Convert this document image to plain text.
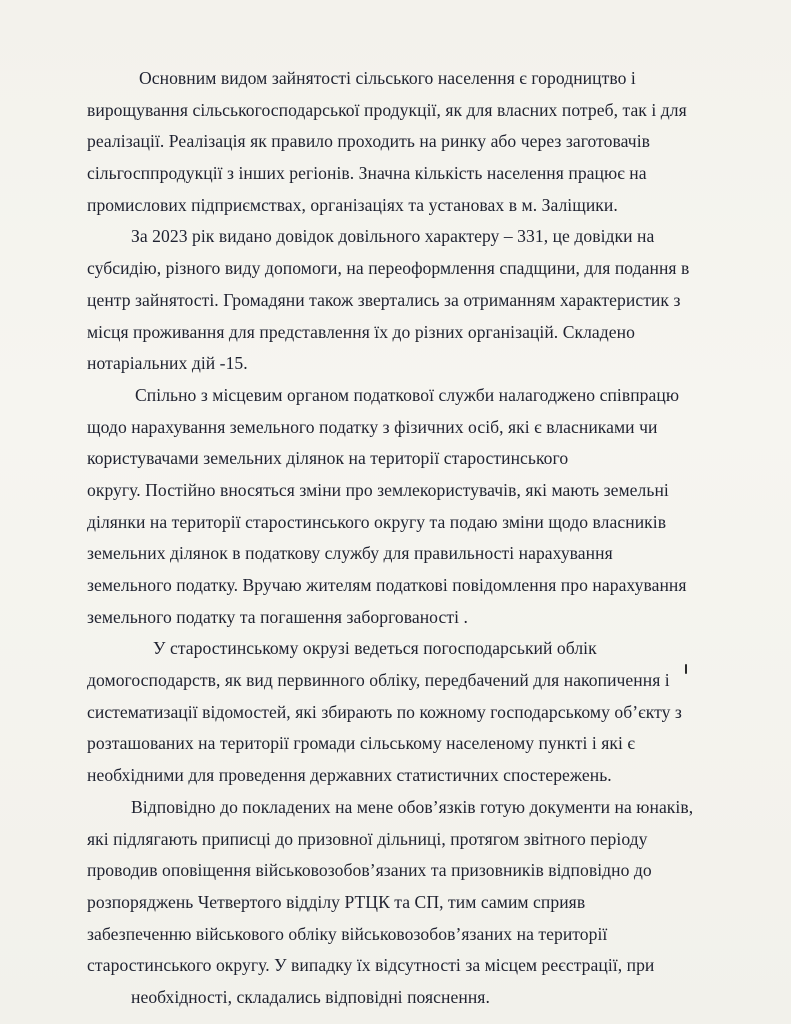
Основним видом зайнятості сільського населення є городництво і
вирощування сільськогосподарської продукції, як для власних потреб, так і для
реалізації. Реалізація як правило проходить на ринку або через заготовачів
сільгосппродукції з інших регіонів. Значна кількість населення працює на
промислових підприємствах, організаціях та установах в м. Заліщики.
За 2023 рік видано довідок довільного характеру – 331, це довідки на
субсидію, різного виду допомоги, на переоформлення спадщини, для подання в
центр зайнятості. Громадяни також звертались за отриманням характеристик з
місця проживання для представлення їх до різних організацій. Складено
нотаріальних дій -15.
Спільно з місцевим органом податкової служби налагоджено співпрацю
щодо нарахування земельного податку з фізичних осіб, які є власниками чи
користувачами земельних ділянок на території старостинського
округу. Постійно вносяться зміни про землекористувачів, які мають земельні
ділянки на території старостинського округу та подаю зміни щодо власників
земельних ділянок в податкову службу для правильності нарахування
земельного податку. Вручаю жителям податкові повідомлення про нарахування
земельного податку та погашення заборгованості .
У старостинському окрузі ведеться погосподарський облік
домогосподарств, як вид первинного обліку, передбачений для накопичення і
систематизації відомостей, які збирають по кожному господарському об’єкту з
розташованих на території громади сільському населеному пункті і які є
необхідними для проведення державних статистичних спостережень.
Відповідно до покладених на мене обов’язків готую документи на юнаків,
які підлягають приписці до призовної дільниці, протягом звітного періоду
проводив оповіщення військовозобов’язаних та призовників відповідно до
розпоряджень Четвертого відділу РТЦК та СП, тим самим сприяв
забезпеченню військового обліку військовозобов’язаних на території
старостинського округу. У випадку їх відсутності за місцем реєстрації, при
необхідності, складались відповідні пояснення.
